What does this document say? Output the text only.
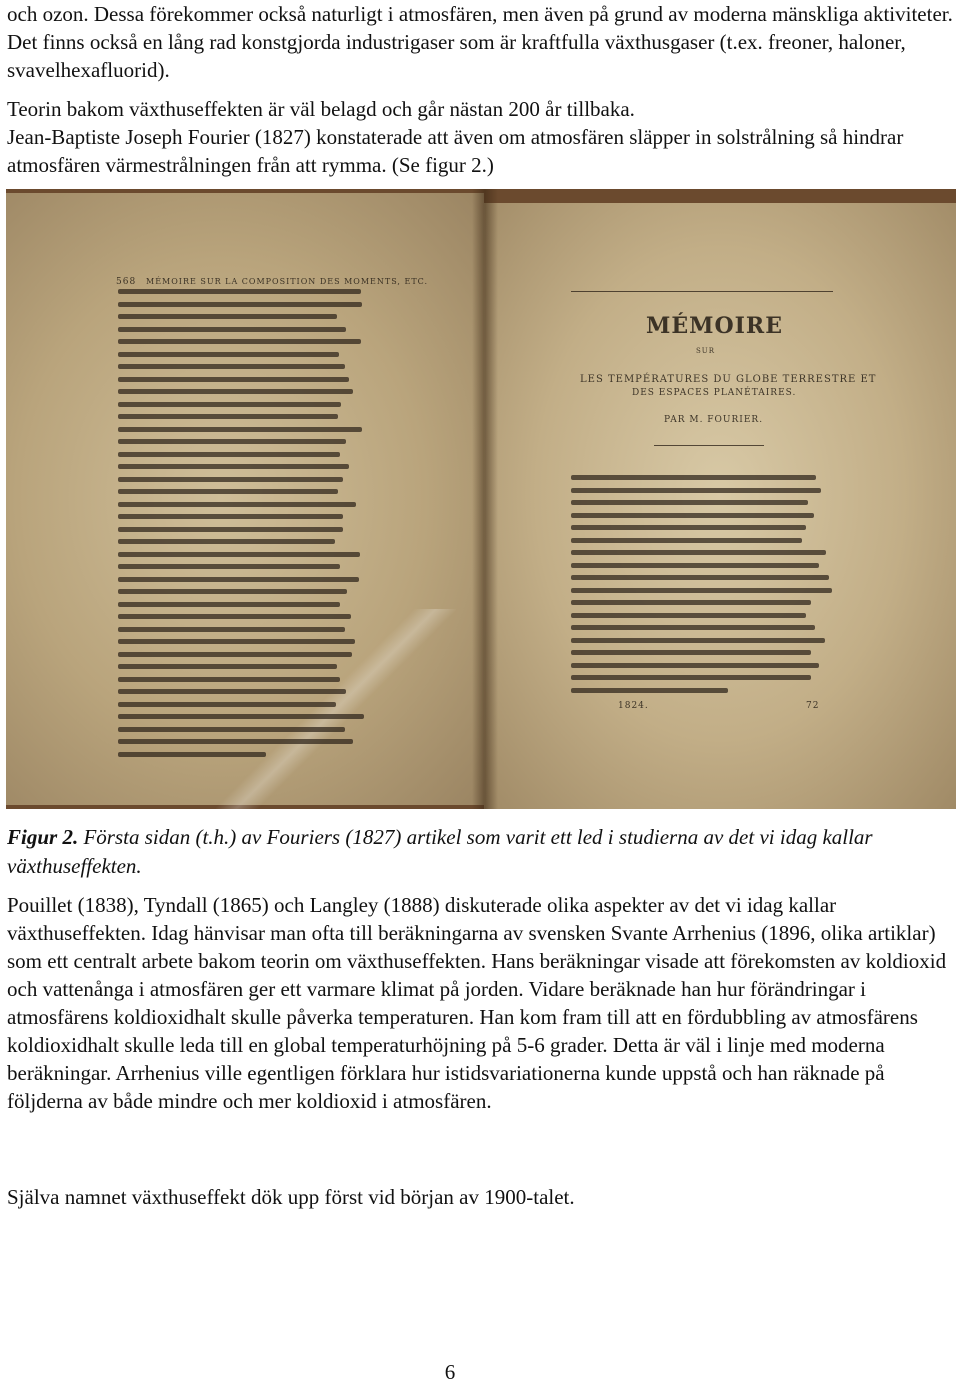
och ozon. Dessa förekommer också naturligt i atmosfären, men även på grund av moderna mänskliga aktiviteter. Det finns också en lång rad konstgjorda industrigaser som är kraftfulla växthusgaser (t.ex. freoner, haloner, svavelhexafluorid).

Teorin bakom växthuseffekten är väl belagd och går nästan 200 år tillbaka.

Jean-Baptiste Joseph Fourier (1827) konstaterade att även om atmosfären släpper in solstrålning så hindrar atmosfären värmestrålningen från att rymma. (Se figur 2.)

568 MÉMOIRE SUR LA COMPOSITION DES MOMENTS, ETC.
MÉMOIRE
SUR
LES TEMPÉRATURES DU GLOBE TERRESTRE ET
DES ESPACES PLANÉTAIRES.
PAR M. FOURIER.
1824.	72

Figur 2. Första sidan (t.h.) av Fouriers (1827) artikel som varit ett led i studierna av det vi idag kallar växthuseffekten.

Pouillet (1838), Tyndall (1865) och Langley (1888) diskuterade olika aspekter av det vi idag kallar växthuseffekten. Idag hänvisar man ofta till beräkningarna av svensken Svante Arrhenius (1896, olika artiklar) som ett centralt arbete bakom teorin om växthuseffekten. Hans beräkningar visade att förekomsten av koldioxid och vattenånga i atmosfären ger ett varmare klimat på jorden. Vidare beräknade han hur förändringar i atmosfärens koldioxidhalt skulle påverka temperaturen. Han kom fram till att en fördubbling av atmosfärens koldioxidhalt skulle leda till en global temperaturhöjning på 5-6 grader. Detta är väl i linje med moderna beräkningar. Arrhenius ville egentligen förklara hur istidsvariationerna kunde uppstå och han räknade på följderna av både mindre och mer koldioxid i atmosfären.

Själva namnet växthuseffekt dök upp först vid början av 1900-talet.

6
